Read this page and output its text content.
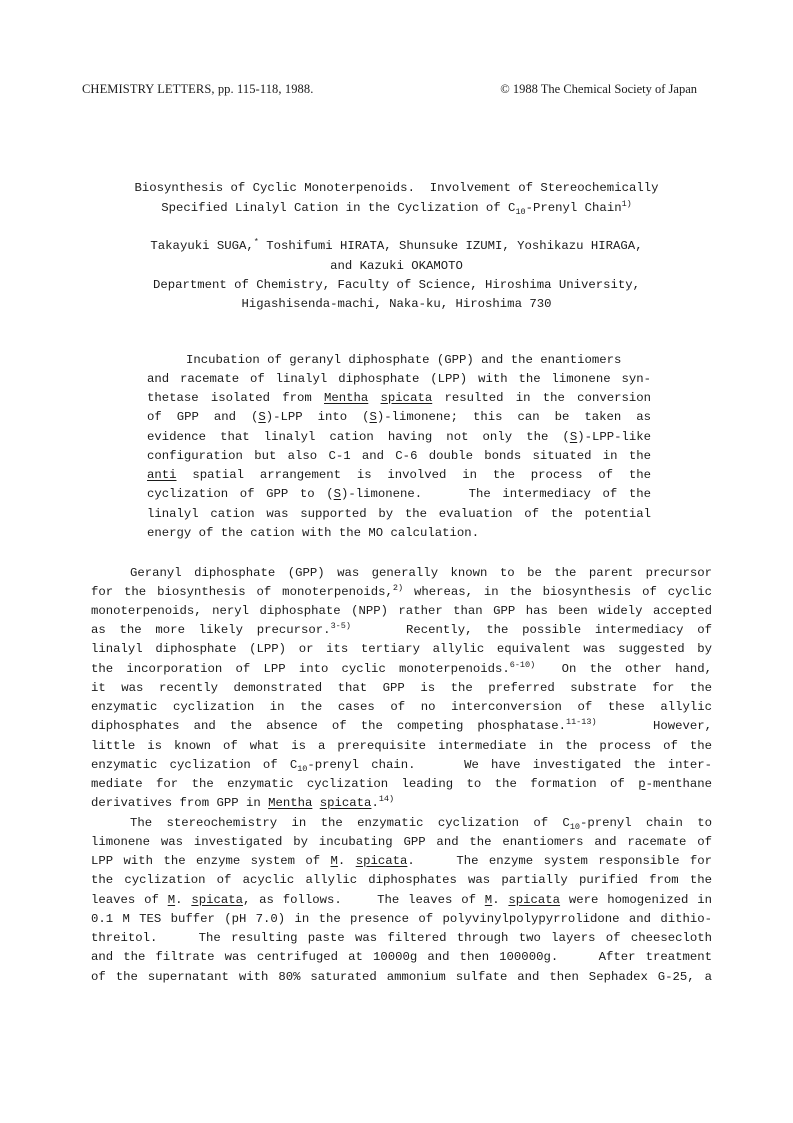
CHEMISTRY LETTERS, pp. 115-118, 1988.	© 1988 The Chemical Society of Japan
Biosynthesis of Cyclic Monoterpenoids.  Involvement of Stereochemically
Specified Linalyl Cation in the Cyclization of $C_{10}$-Prenyl Chain$^{1)}$
Takayuki SUGA,* Toshifumi HIRATA, Shunsuke IZUMI, Yoshikazu HIRAGA,
and Kazuki OKAMOTO
Department of Chemistry, Faculty of Science, Hiroshima University,
Higashisenda-machi, Naka-ku, Hiroshima 730
Incubation of geranyl diphosphate (GPP) and the enantiomers
and racemate of linalyl diphosphate (LPP) with the limonene syn-
thetase isolated from Mentha spicata resulted in the conversion
of GPP and (S)-LPP into (S)-limonene; this can be taken as
evidence that linalyl cation having not only the (S)-LPP-like
configuration but also C-1 and C-6 double bonds situated in the
anti spatial arrangement is involved in the process of the
cyclization of GPP to (S)-limonene.    The intermediacy of the
linalyl cation was supported by the evaluation of the potential
energy of the cation with the MO calculation.
Geranyl diphosphate (GPP) was generally known to be the parent precursor
for the biosynthesis of monoterpenoids,$^{2)}$ whereas, in the biosynthesis of cyclic
monoterpenoids, neryl diphosphate (NPP) rather than GPP has been widely accepted
as the more likely precursor.$^{3-5)}$    Recently, the possible intermediacy of
linalyl diphosphate (LPP) or its tertiary allylic equivalent was suggested by
the incorporation of LPP into cyclic monoterpenoids.$^{6-10)}$  On the other hand,
it was recently demonstrated that GPP is the preferred substrate for the
enzymatic cyclization in the cases of no interconversion of these allylic
diphosphates and the absence of the competing phosphatase.$^{11-13)}$    However,
little is known of what is a prerequisite intermediate in the process of the
enzymatic cyclization of $C_{10}$-prenyl chain.    We have investigated the inter-
mediate for the enzymatic cyclization leading to the formation of p-menthane
derivatives from GPP in Mentha spicata.$^{14)}$
The stereochemistry in the enzymatic cyclization of $C_{10}$-prenyl chain to
limonene was investigated by incubating GPP and the enantiomers and racemate of
LPP with the enzyme system of M. spicata.    The enzyme system responsible for
the cyclization of acyclic allylic diphosphates was partially purified from the
leaves of M. spicata, as follows.    The leaves of M. spicata were homogenized in
0.1 M TES buffer (pH 7.0) in the presence of polyvinylpolypyrrolidone and dithio-
threitol.    The resulting paste was filtered through two layers of cheesecloth
and the filtrate was centrifuged at 10000g and then 100000g.    After treatment
of the supernatant with 80% saturated ammonium sulfate and then Sephadex G-25, a
